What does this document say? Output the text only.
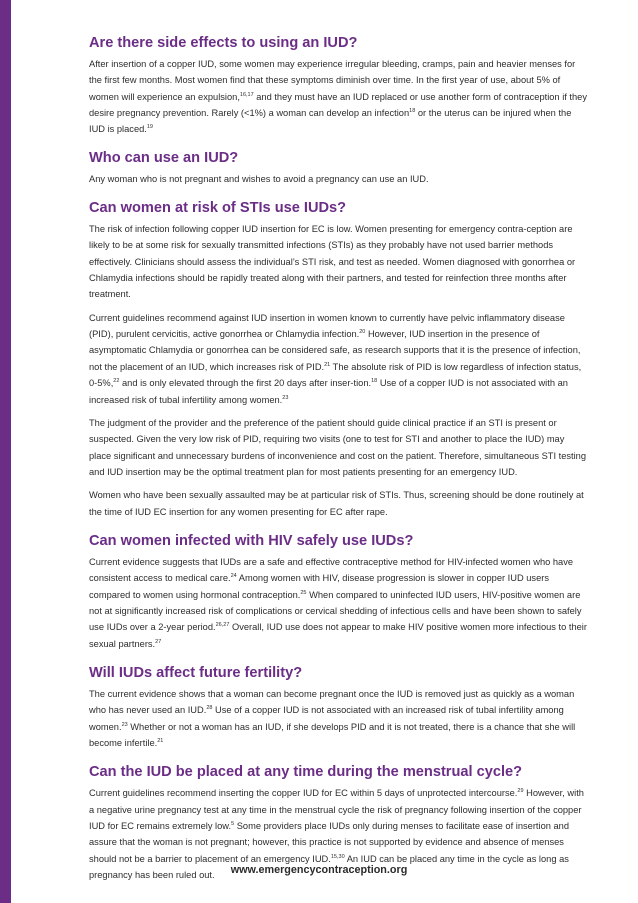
Are there side effects to using an IUD?

After insertion of a copper IUD, some women may experience irregular bleeding, cramps, pain and heavier menses for the first few months. Most women find that these symptoms diminish over time. In the first year of use, about 5% of women will experience an expulsion,$^{16,17}$ and they must have an IUD replaced or use another form of contraception if they desire pregnancy prevention. Rarely (<1%) a woman can develop an infection$^{18}$ or the uterus can be injured when the IUD is placed.$^{19}$

Who can use an IUD?

Any woman who is not pregnant and wishes to avoid a pregnancy can use an IUD.

Can women at risk of STIs use IUDs?

The risk of infection following copper IUD insertion for EC is low. Women presenting for emergency contra-ception are likely to be at some risk for sexually transmitted infections (STIs) as they probably have not used barrier methods effectively. Clinicians should assess the individual’s STI risk, and test as needed. Women diagnosed with gonorrhea or Chlamydia infections should be rapidly treated along with their partners, and tested for reinfection three months after treatment.

Current guidelines recommend against IUD insertion in women known to currently have pelvic inflammatory disease (PID), purulent cervicitis, active gonorrhea or Chlamydia infection.$^{20}$ However, IUD insertion in the presence of asymptomatic Chlamydia or gonorrhea can be considered safe, as research supports that it is the presence of infection, not the placement of an IUD, which increases risk of PID.$^{21}$ The absolute risk of PID is low regardless of infection status, 0-5%,$^{22}$ and is only elevated through the first 20 days after inser-tion.$^{18}$ Use of a copper IUD is not associated with an increased risk of tubal infertility among women.$^{23}$

The judgment of the provider and the preference of the patient should guide clinical practice if an STI is present or suspected. Given the very low risk of PID, requiring two visits (one to test for STI and another to place the IUD) may place significant and unnecessary burdens of inconvenience and cost on the patient. Therefore, simultaneous STI testing and IUD insertion may be the optimal treatment plan for most patients presenting for an emergency IUD.

Women who have been sexually assaulted may be at particular risk of STIs. Thus, screening should be done routinely at the time of IUD EC insertion for any women presenting for EC after rape.

Can women infected with HIV safely use IUDs?

Current evidence suggests that IUDs are a safe and effective contraceptive method for HIV-infected women who have consistent access to medical care.$^{24}$ Among women with HIV, disease progression is slower in copper IUD users compared to women using hormonal contraception.$^{25}$ When compared to uninfected IUD users, HIV-positive women are not at significantly increased risk of complications or cervical shedding of infectious cells and have been shown to safely use IUDs over a 2-year period.$^{26,27}$ Overall, IUD use does not appear to make HIV positive women more infectious to their sexual partners.$^{27}$

Will IUDs affect future fertility?

The current evidence shows that a woman can become pregnant once the IUD is removed just as quickly as a woman who has never used an IUD.$^{28}$ Use of a copper IUD is not associated with an increased risk of tubal infertility among women.$^{23}$ Whether or not a woman has an IUD, if she develops PID and it is not treated, there is a chance that she will become infertile.$^{21}$

Can the IUD be placed at any time during the menstrual cycle?

Current guidelines recommend inserting the copper IUD for EC within 5 days of unprotected intercourse.$^{29}$ However, with a negative urine pregnancy test at any time in the menstrual cycle the risk of pregnancy following insertion of the copper IUD for EC remains extremely low.$^5$ Some providers place IUDs only during menses to facilitate ease of insertion and assure that the woman is not pregnant; however, this practice is not supported by evidence and absence of menses should not be a barrier to placement of an emergency IUD.$^{15,30}$ An IUD can be placed any time in the cycle as long as pregnancy has been ruled out.	www.emergencycontraception.org
